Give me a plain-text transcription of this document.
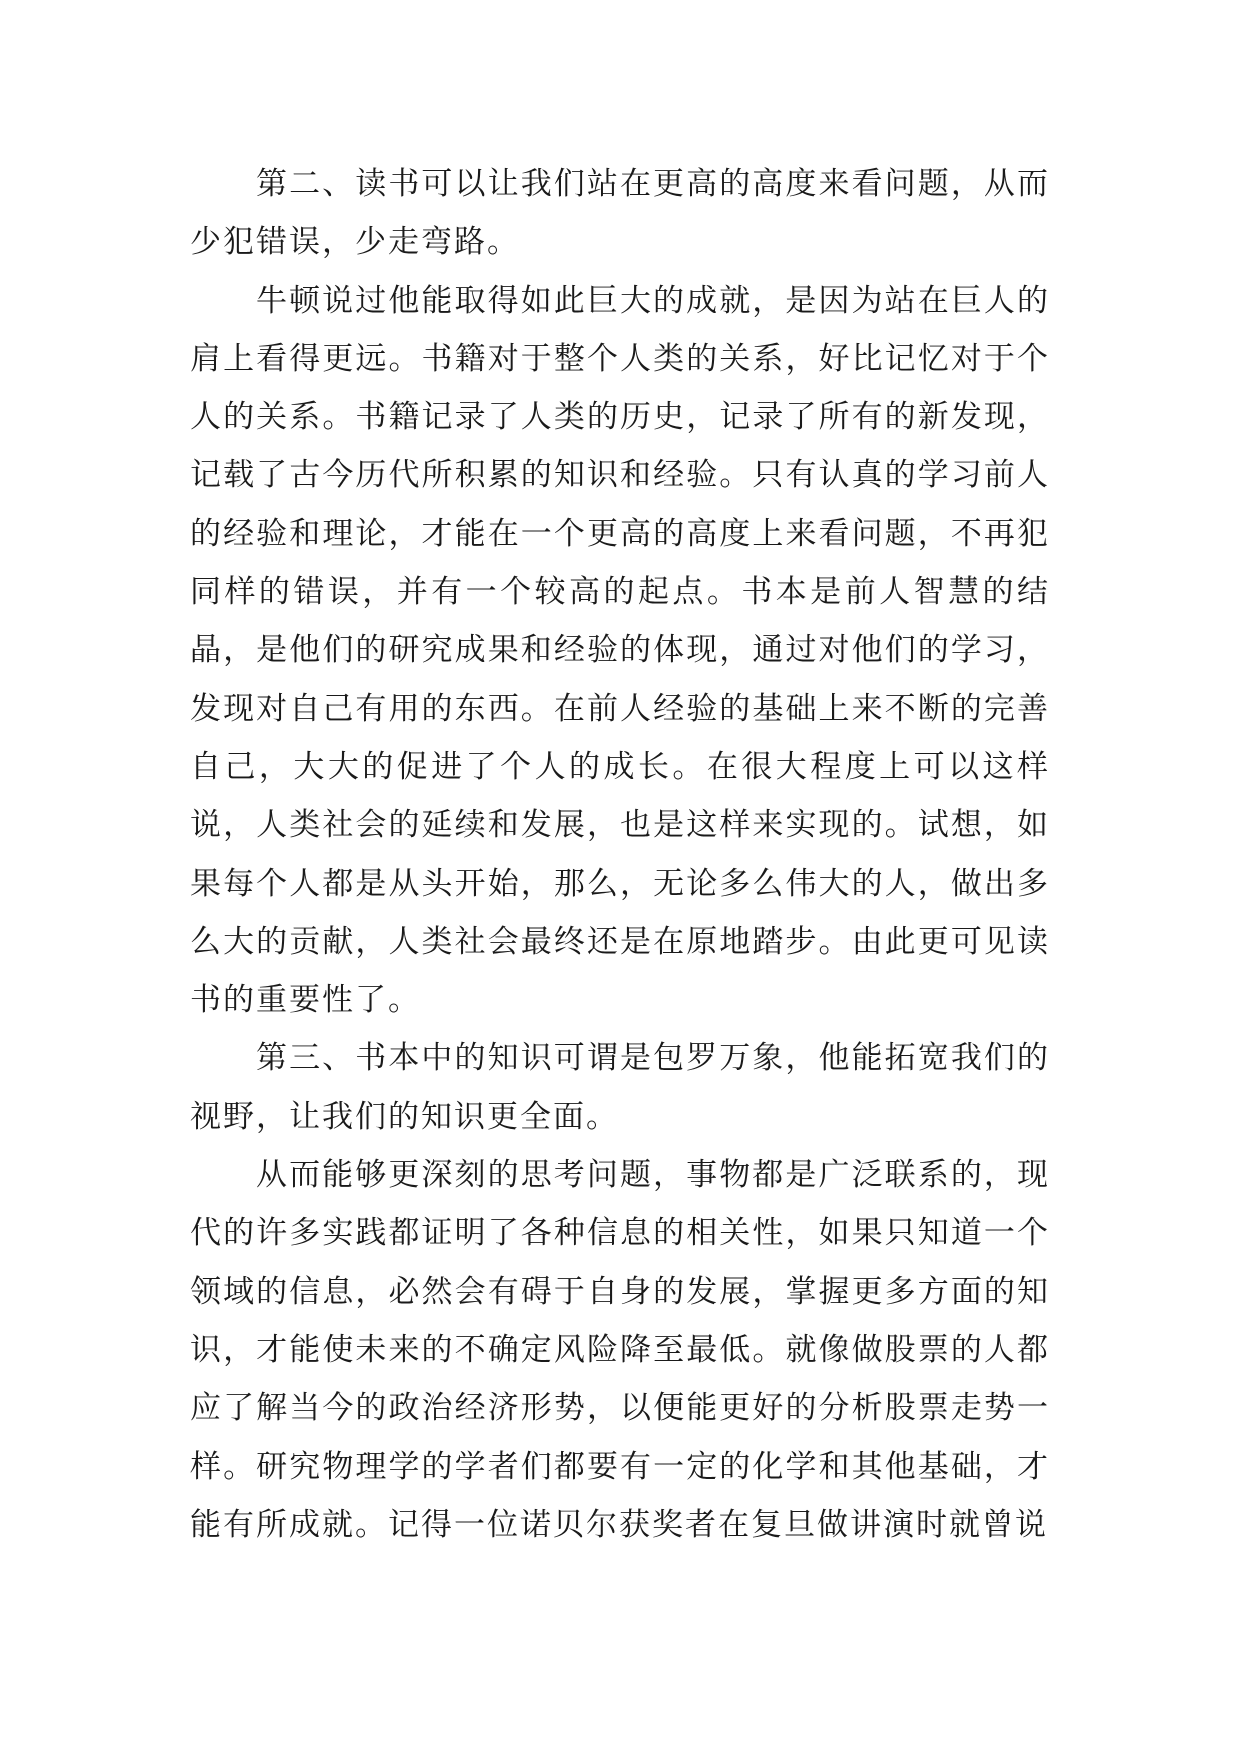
第二、读书可以让我们站在更高的高度来看问题，从而少犯错误，少走弯路。

牛顿说过他能取得如此巨大的成就，是因为站在巨人的肩上看得更远。书籍对于整个人类的关系，好比记忆对于个人的关系。书籍记录了人类的历史，记录了所有的新发现，记载了古今历代所积累的知识和经验。只有认真的学习前人的经验和理论，才能在一个更高的高度上来看问题，不再犯同样的错误，并有一个较高的起点。书本是前人智慧的结晶，是他们的研究成果和经验的体现，通过对他们的学习，发现对自己有用的东西。在前人经验的基础上来不断的完善自己，大大的促进了个人的成长。在很大程度上可以这样说，人类社会的延续和发展，也是这样来实现的。试想，如果每个人都是从头开始，那么，无论多么伟大的人，做出多么大的贡献，人类社会最终还是在原地踏步。由此更可见读书的重要性了。

第三、书本中的知识可谓是包罗万象，他能拓宽我们的视野，让我们的知识更全面。

从而能够更深刻的思考问题，事物都是广泛联系的，现代的许多实践都证明了各种信息的相关性，如果只知道一个领域的信息，必然会有碍于自身的发展，掌握更多方面的知识，才能使未来的不确定风险降至最低。就像做股票的人都应了解当今的政治经济形势，以便能更好的分析股票走势一样。研究物理学的学者们都要有一定的化学和其他基础，才能有所成就。记得一位诺贝尔获奖者在复旦做讲演时就曾说
